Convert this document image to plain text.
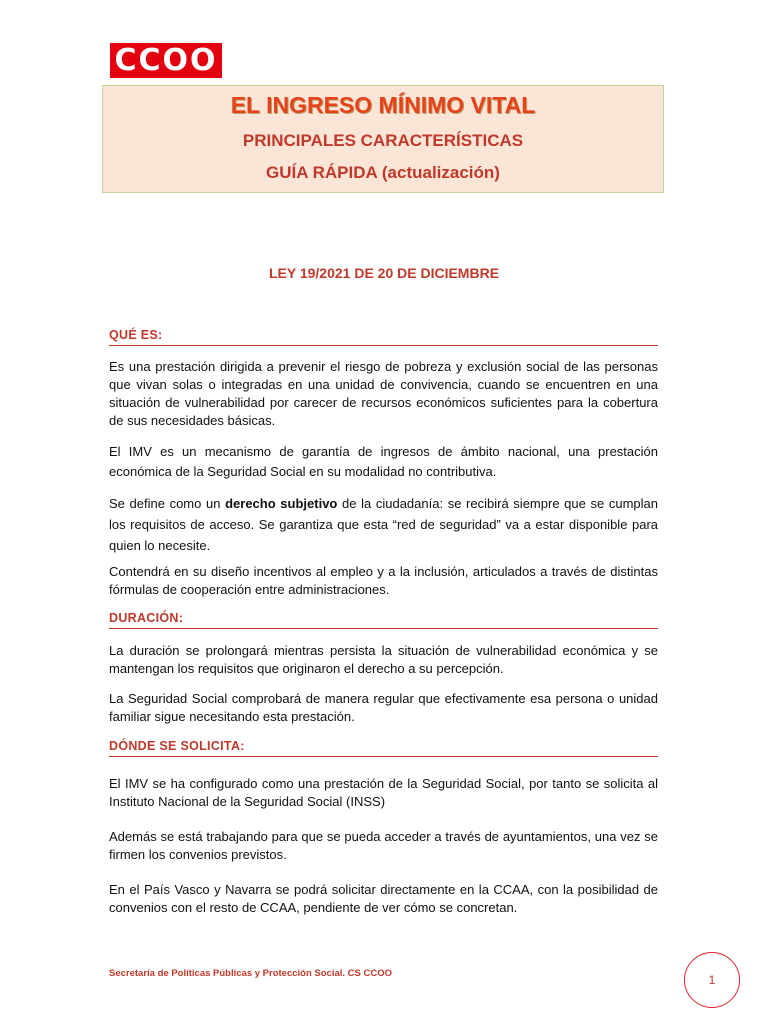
CCOO
EL INGRESO MÍNIMO VITAL
PRINCIPALES CARACTERÍSTICAS
GUÍA RÁPIDA (actualización)
LEY 19/2021 DE 20 DE DICIEMBRE
QUÉ ES:

Es una prestación dirigida a prevenir el riesgo de pobreza y exclusión social de las personas que vivan solas o integradas en una unidad de convivencia, cuando se encuentren en una situación de vulnerabilidad por carecer de recursos económicos suficientes para la cobertura de sus necesidades básicas.

El IMV es un mecanismo de garantía de ingresos de ámbito nacional, una prestación económica de la Seguridad Social en su modalidad no contributiva.

Se define como un derecho subjetivo de la ciudadanía: se recibirá siempre que se cumplan los requisitos de acceso. Se garantiza que esta “red de seguridad” va a estar disponible para quien lo necesite.

Contendrá en su diseño incentivos al empleo y a la inclusión, articulados a través de distintas fórmulas de cooperación entre administraciones.

DURACIÓN:

La duración se prolongará mientras persista la situación de vulnerabilidad económica y se mantengan los requisitos que originaron el derecho a su percepción.

La Seguridad Social comprobará de manera regular que efectivamente esa persona o unidad familiar sigue necesitando esta prestación.

DÓNDE SE SOLICITA:

El IMV se ha configurado como una prestación de la Seguridad Social, por tanto se solicita al Instituto Nacional de la Seguridad Social (INSS)

Además se está trabajando para que se pueda acceder a través de ayuntamientos, una vez se firmen los convenios previstos.

En el País Vasco y Navarra se podrá solicitar directamente en la CCAA, con la posibilidad de convenios con el resto de CCAA, pendiente de ver cómo se concretan.

Secretaría de Políticas Públicas y Protección Social. CS CCOO	1
